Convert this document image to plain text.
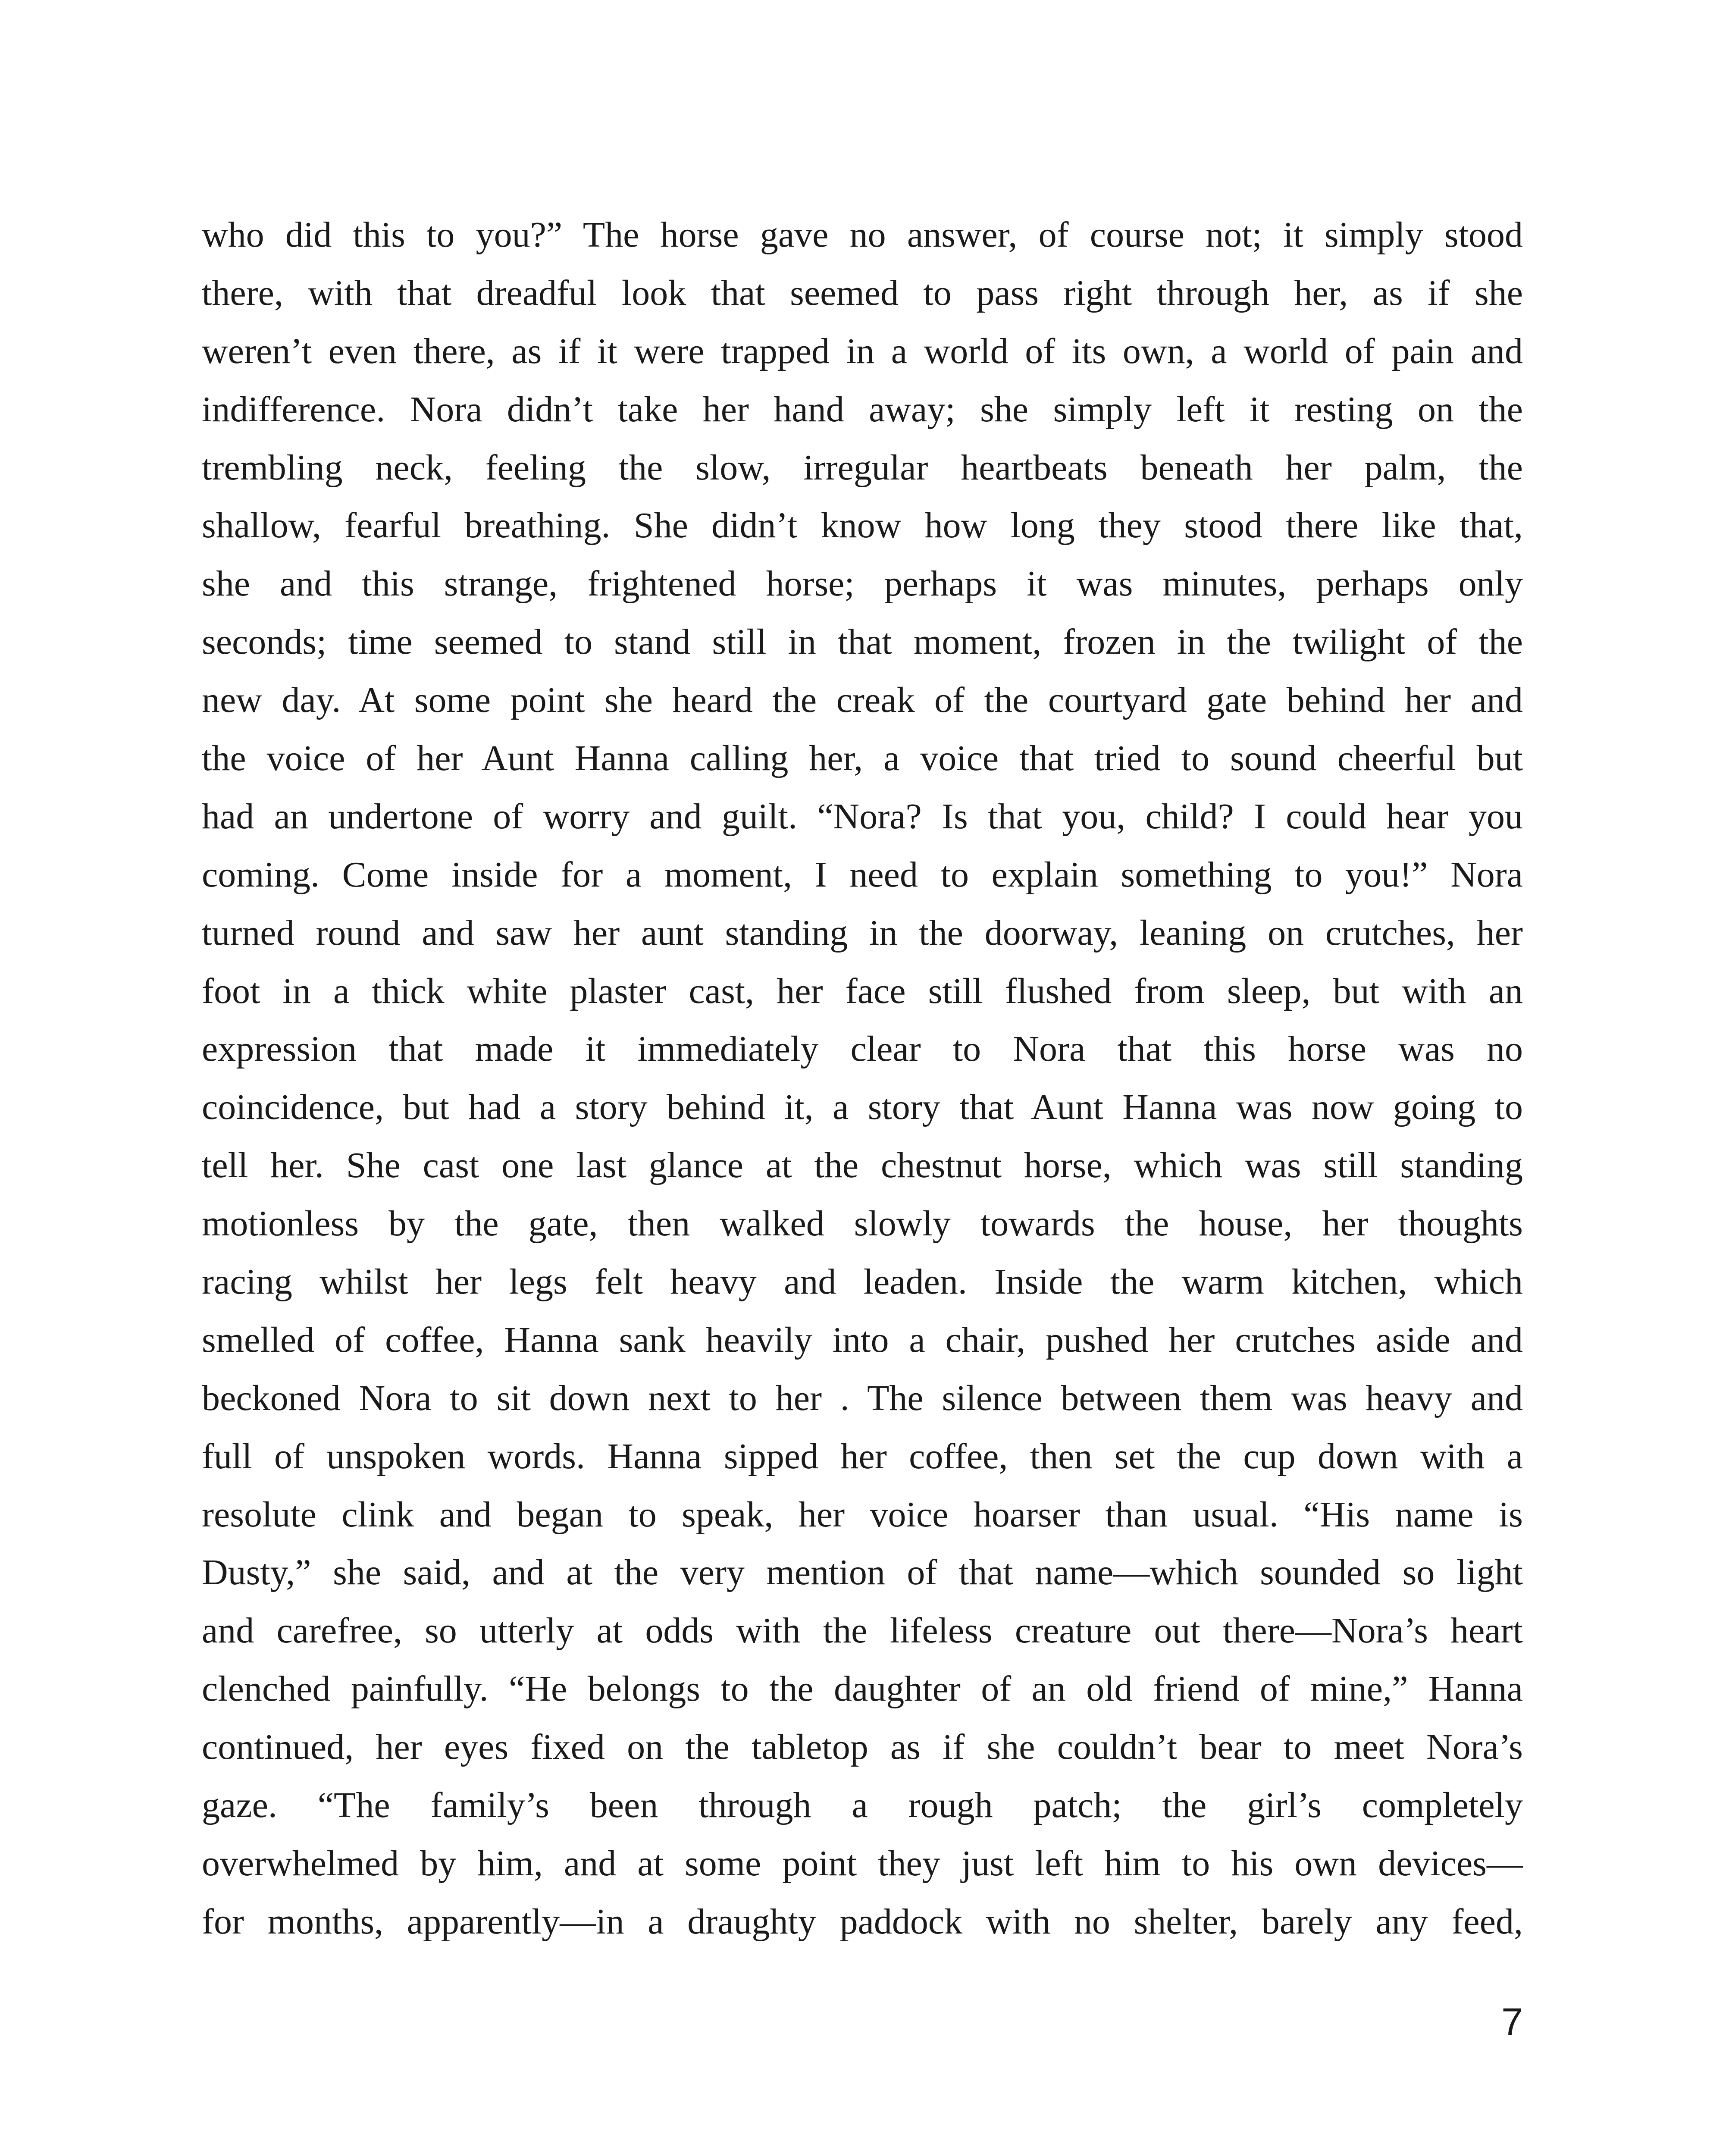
who did this to you?” The horse gave no answer, of course not; it simply stood
there, with that dreadful look that seemed to pass right through her, as if she
weren’t even there, as if it were trapped in a world of its own, a world of pain and
indifference. Nora didn’t take her hand away; she simply left it resting on the
trembling neck, feeling the slow, irregular heartbeats beneath her palm, the
shallow, fearful breathing. She didn’t know how long they stood there like that,
she and this strange, frightened horse; perhaps it was minutes, perhaps only
seconds; time seemed to stand still in that moment, frozen in the twilight of the
new day. At some point she heard the creak of the courtyard gate behind her and
the voice of her Aunt Hanna calling her, a voice that tried to sound cheerful but
had an undertone of worry and guilt. “Nora? Is that you, child? I could hear you
coming. Come inside for a moment, I need to explain something to you!” Nora
turned round and saw her aunt standing in the doorway, leaning on crutches, her
foot in a thick white plaster cast, her face still flushed from sleep, but with an
expression that made it immediately clear to Nora that this horse was no
coincidence, but had a story behind it, a story that Aunt Hanna was now going to
tell her. She cast one last glance at the chestnut horse, which was still standing
motionless by the gate, then walked slowly towards the house, her thoughts
racing whilst her legs felt heavy and leaden. Inside the warm kitchen, which
smelled of coffee, Hanna sank heavily into a chair, pushed her crutches aside and
beckoned Nora to sit down next to her . The silence between them was heavy and
full of unspoken words. Hanna sipped her coffee, then set the cup down with a
resolute clink and began to speak, her voice hoarser than usual. “His name is
Dusty,” she said, and at the very mention of that name—which sounded so light
and carefree, so utterly at odds with the lifeless creature out there—Nora’s heart
clenched painfully. “He belongs to the daughter of an old friend of mine,” Hanna
continued, her eyes fixed on the tabletop as if she couldn’t bear to meet Nora’s
gaze. “The family’s been through a rough patch; the girl’s completely
overwhelmed by him, and at some point they just left him to his own devices—
for months, apparently—in a draughty paddock with no shelter, barely any feed,
7
